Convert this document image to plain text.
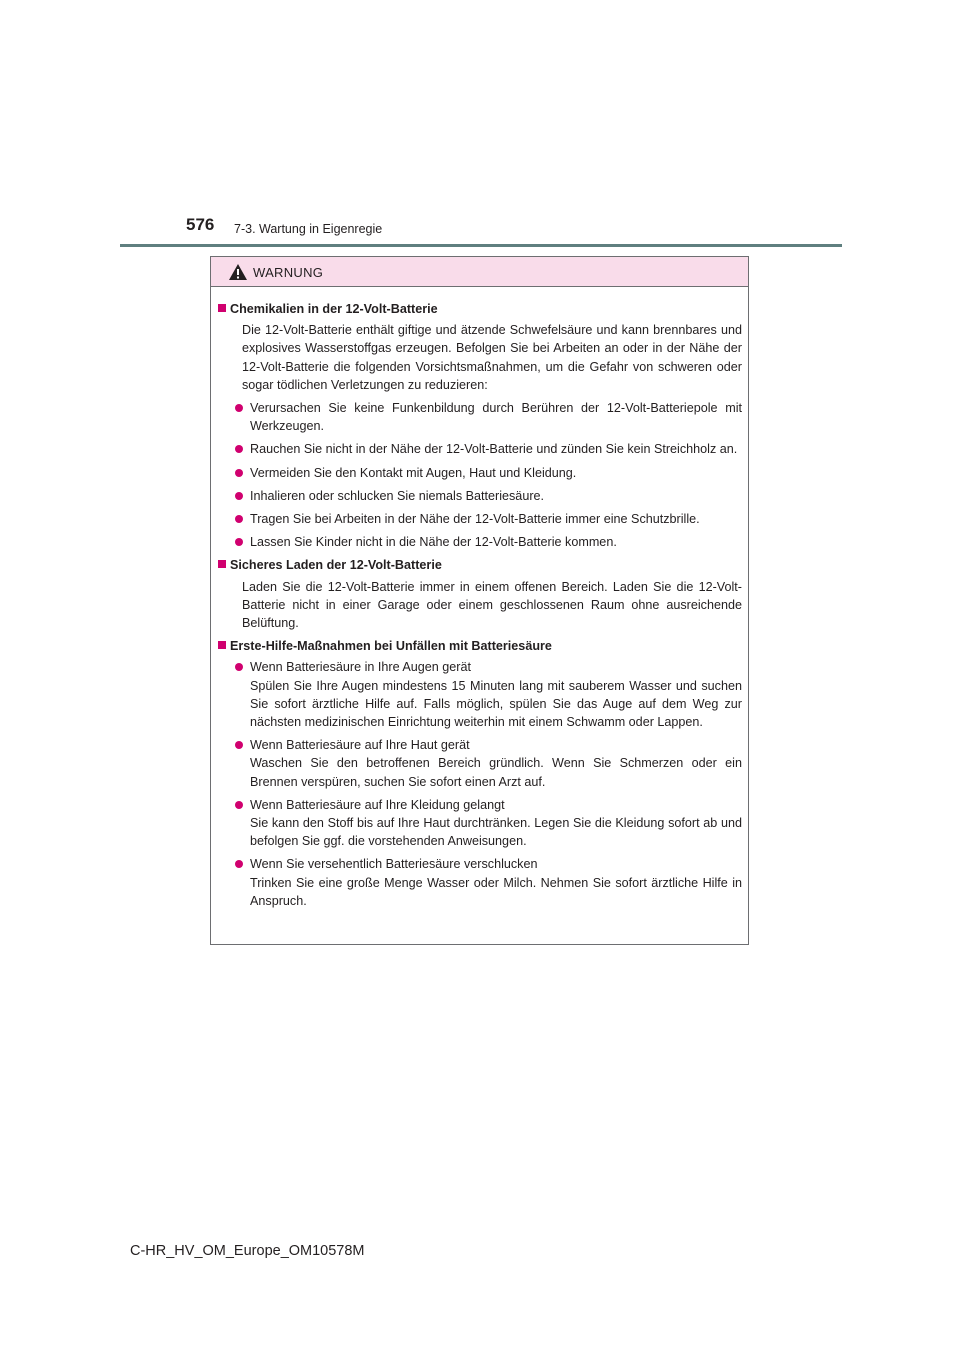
576 7-3. Wartung in Eigenregie
WARNUNG
Chemikalien in der 12-Volt-Batterie
Die 12-Volt-Batterie enthält giftige und ätzende Schwefelsäure und kann brennbares und explosives Wasserstoffgas erzeugen. Befolgen Sie bei Arbeiten an oder in der Nähe der 12-Volt-Batterie die folgenden Vorsichtsmaßnahmen, um die Gefahr von schweren oder sogar tödlichen Verletzungen zu reduzieren:
Verursachen Sie keine Funkenbildung durch Berühren der 12-Volt-Batteriepole mit Werkzeugen.
Rauchen Sie nicht in der Nähe der 12-Volt-Batterie und zünden Sie kein Streichholz an.
Vermeiden Sie den Kontakt mit Augen, Haut und Kleidung.
Inhalieren oder schlucken Sie niemals Batteriesäure.
Tragen Sie bei Arbeiten in der Nähe der 12-Volt-Batterie immer eine Schutzbrille.
Lassen Sie Kinder nicht in die Nähe der 12-Volt-Batterie kommen.
Sicheres Laden der 12-Volt-Batterie
Laden Sie die 12-Volt-Batterie immer in einem offenen Bereich. Laden Sie die 12-Volt-Batterie nicht in einer Garage oder einem geschlossenen Raum ohne ausreichende Belüftung.
Erste-Hilfe-Maßnahmen bei Unfällen mit Batteriesäure
Wenn Batteriesäure in Ihre Augen gerät
Spülen Sie Ihre Augen mindestens 15 Minuten lang mit sauberem Wasser und suchen Sie sofort ärztliche Hilfe auf. Falls möglich, spülen Sie das Auge auf dem Weg zur nächsten medizinischen Einrichtung weiterhin mit einem Schwamm oder Lappen.
Wenn Batteriesäure auf Ihre Haut gerät
Waschen Sie den betroffenen Bereich gründlich. Wenn Sie Schmerzen oder ein Brennen verspüren, suchen Sie sofort einen Arzt auf.
Wenn Batteriesäure auf Ihre Kleidung gelangt
Sie kann den Stoff bis auf Ihre Haut durchtränken. Legen Sie die Kleidung sofort ab und befolgen Sie ggf. die vorstehenden Anweisungen.
Wenn Sie versehentlich Batteriesäure verschlucken
Trinken Sie eine große Menge Wasser oder Milch. Nehmen Sie sofort ärztliche Hilfe in Anspruch.
C-HR_HV_OM_Europe_OM10578M
